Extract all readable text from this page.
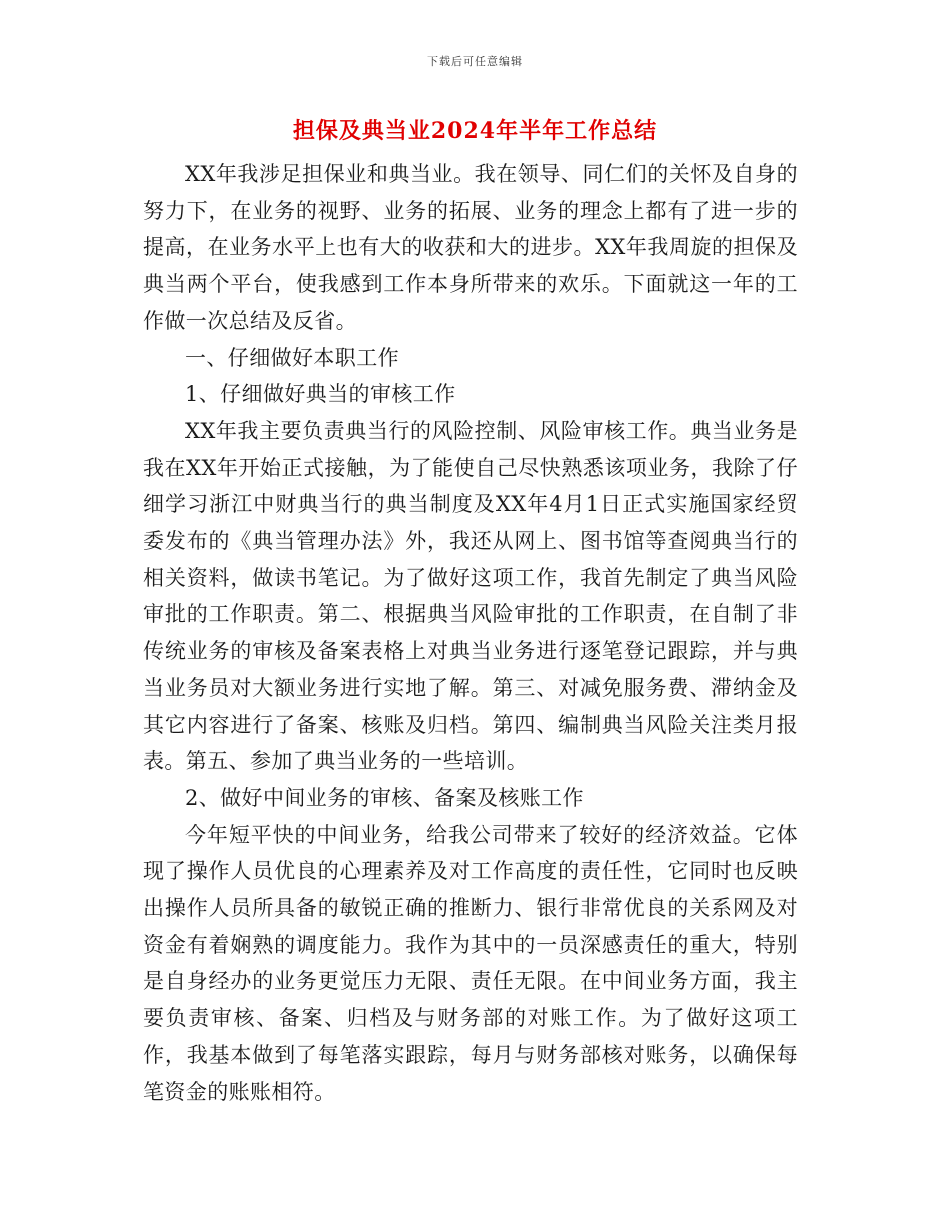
下载后可任意编辑
担保及典当业2024年半年工作总结

XX年我涉足担保业和典当业。我在领导、同仁们的关怀及自身的努力下，在业务的视野、业务的拓展、业务的理念上都有了进一步的提高，在业务水平上也有大的收获和大的进步。XX年我周旋的担保及典当两个平台，使我感到工作本身所带来的欢乐。下面就这一年的工作做一次总结及反省。

一、仔细做好本职工作

1、仔细做好典当的审核工作

XX年我主要负责典当行的风险控制、风险审核工作。典当业务是我在XX年开始正式接触，为了能使自己尽快熟悉该项业务，我除了仔细学习浙江中财典当行的典当制度及XX年4月1日正式实施国家经贸委发布的《典当管理办法》外，我还从网上、图书馆等查阅典当行的相关资料，做读书笔记。为了做好这项工作，我首先制定了典当风险审批的工作职责。第二、根据典当风险审批的工作职责，在自制了非传统业务的审核及备案表格上对典当业务进行逐笔登记跟踪，并与典当业务员对大额业务进行实地了解。第三、对减免服务费、滞纳金及其它内容进行了备案、核账及归档。第四、编制典当风险关注类月报表。第五、参加了典当业务的一些培训。

2、做好中间业务的审核、备案及核账工作

今年短平快的中间业务，给我公司带来了较好的经济效益。它体现了操作人员优良的心理素养及对工作高度的责任性，它同时也反映出操作人员所具备的敏锐正确的推断力、银行非常优良的关系网及对资金有着娴熟的调度能力。我作为其中的一员深感责任的重大，特别是自身经办的业务更觉压力无限、责任无限。在中间业务方面，我主要负责审核、备案、归档及与财务部的对账工作。为了做好这项工作，我基本做到了每笔落实跟踪，每月与财务部核对账务，以确保每笔资金的账账相符。
